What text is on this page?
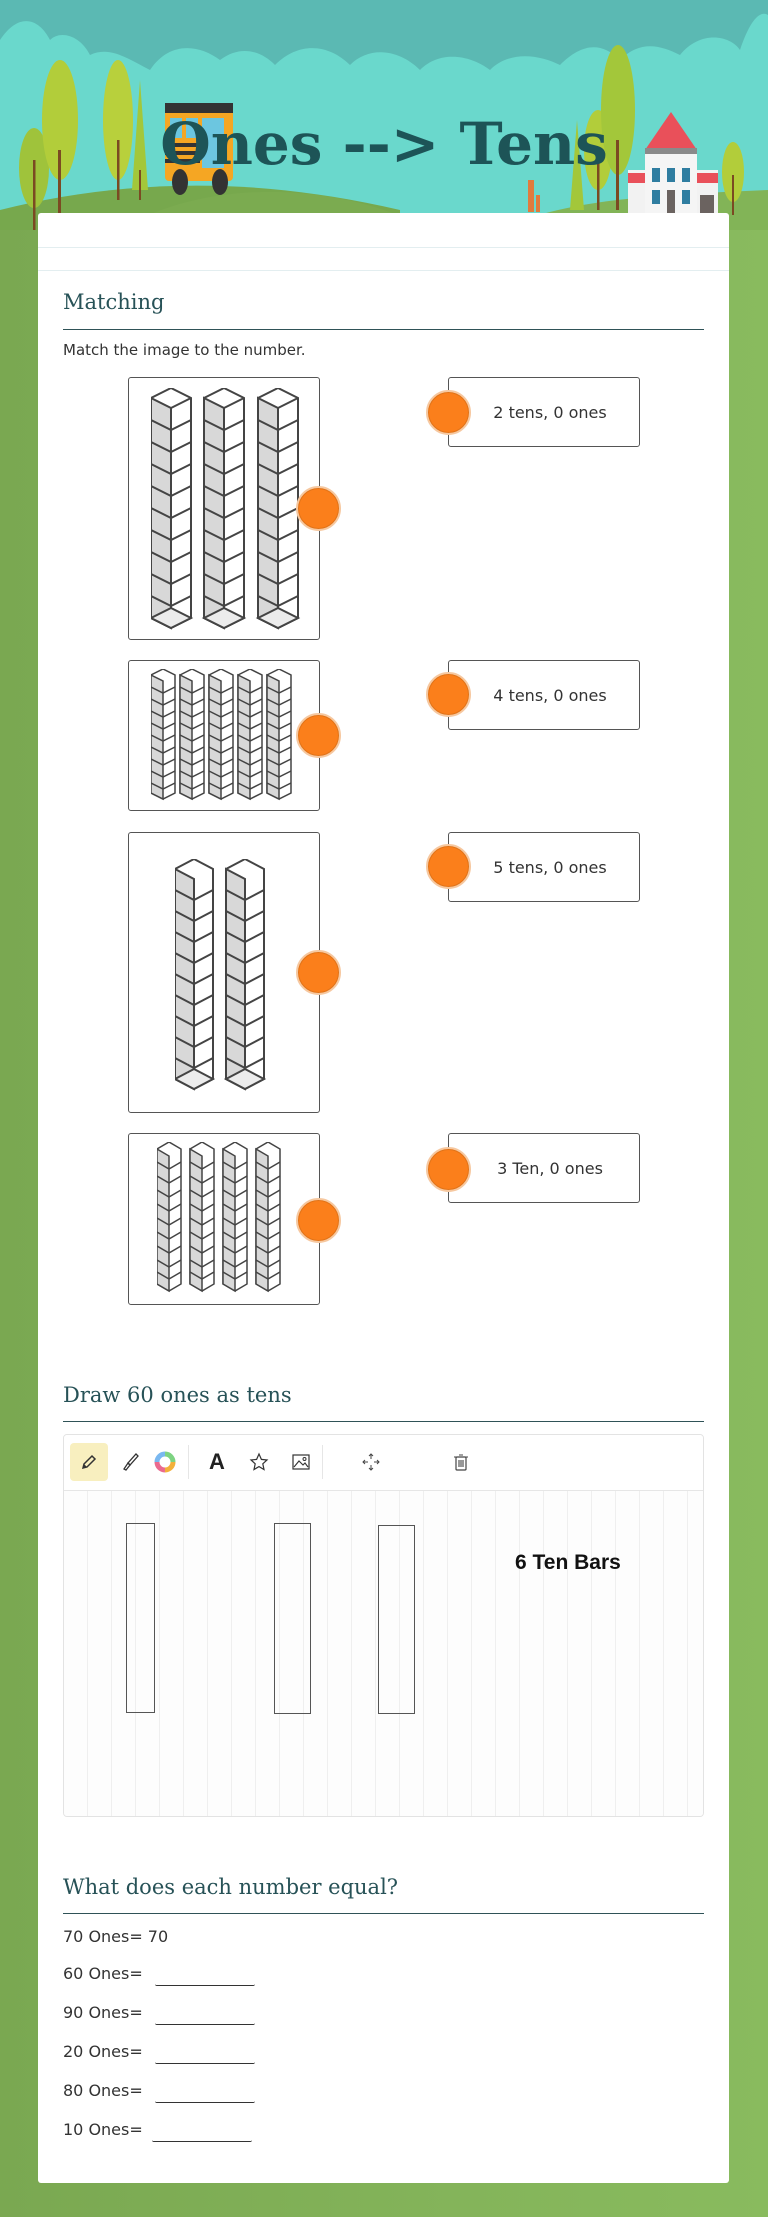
Ones --> Tens
Matching

Match the image to the number.

2 tens, 0 ones
4 tens, 0 ones
5 tens, 0 ones
3 Ten, 0 ones
Draw 60 ones as tens
A
6 Ten Bars
What does each number equal?
70 Ones= 70
60 Ones=
90 Ones=
20 Ones=
80 Ones=
10 Ones=
